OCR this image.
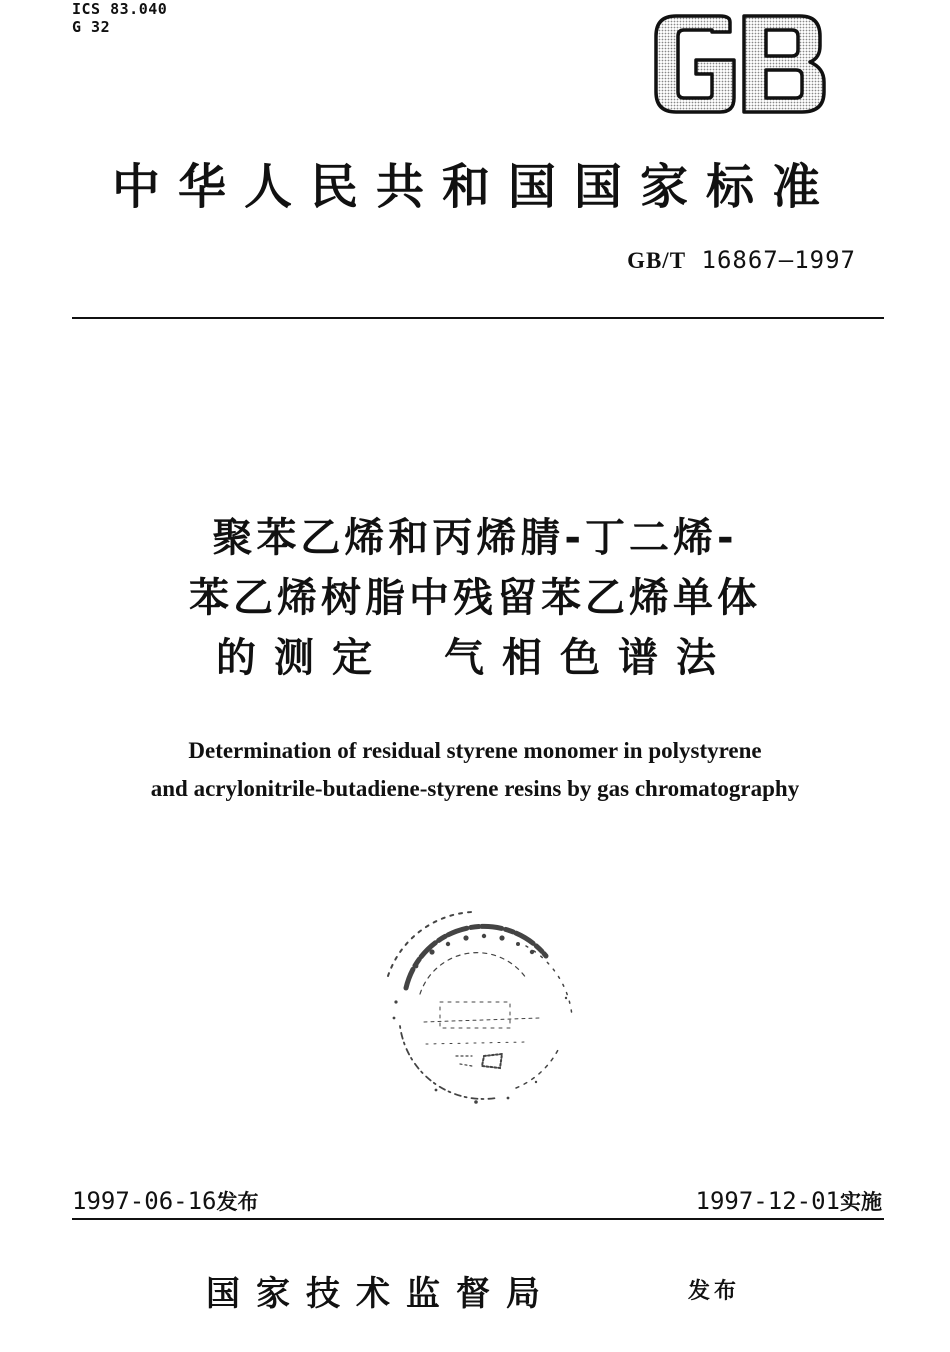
ICS 83.040
G 32
中华人民共和国国家标准
GB/T 16867—1997
聚苯乙烯和丙烯腈-丁二烯-
苯乙烯树脂中残留苯乙烯单体
的测定 气相色谱法
Determination of residual styrene monomer in polystyrene
and acrylonitrile-butadiene-styrene resins by gas chromatography
1997-06-16发布	1997-12-01实施
国家技术监督局	发布
